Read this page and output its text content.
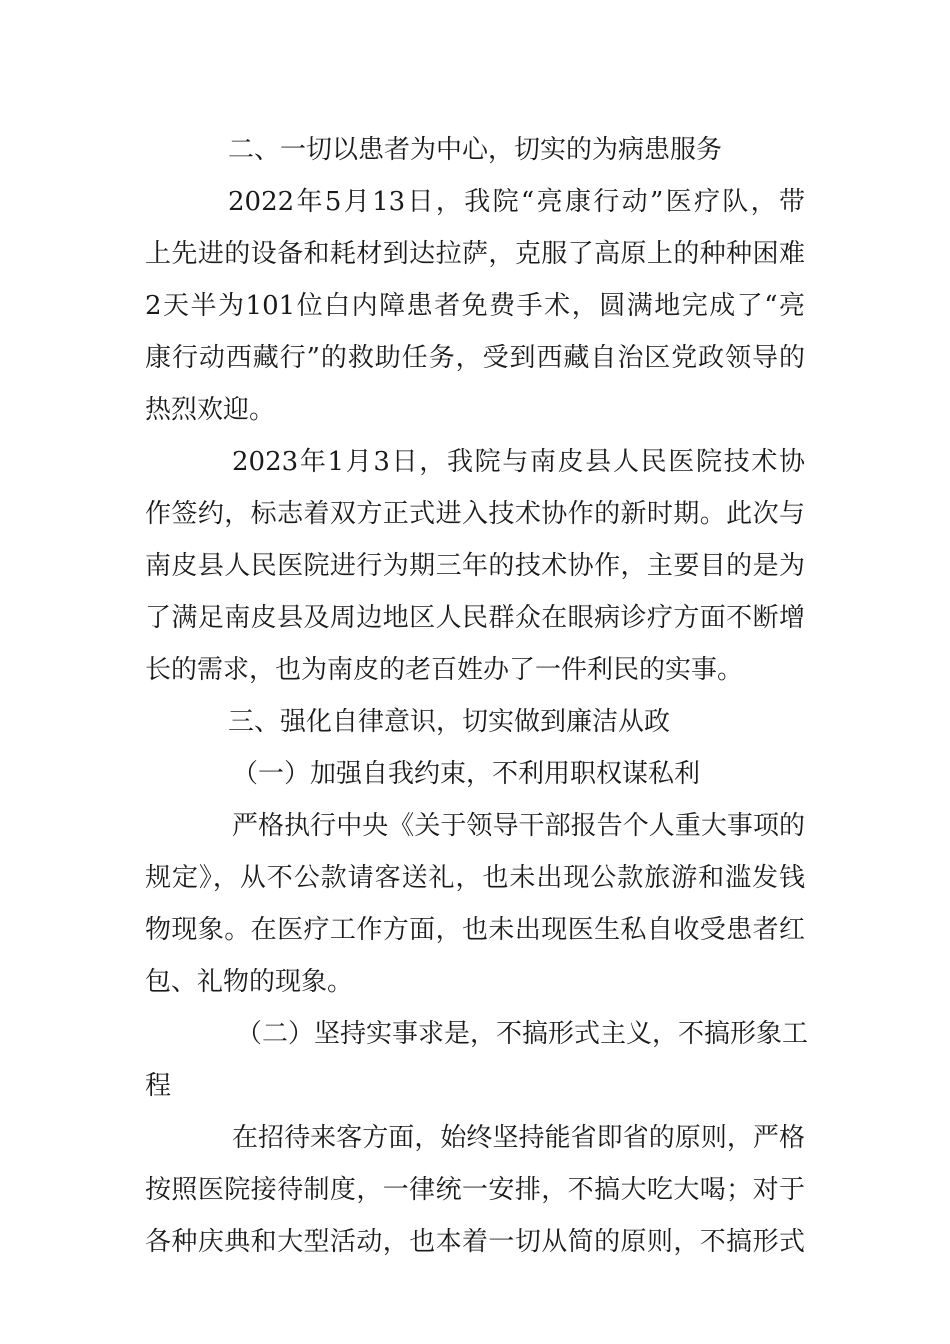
二、一切以患者为中心，切实的为病患服务
2022年5月13日，我院“亮康行动”医疗队，带
上先进的设备和耗材到达拉萨，克服了高原上的种种困难
2天半为101位白内障患者免费手术，圆满地完成了“亮
康行动西藏行”的救助任务，受到西藏自治区党政领导的
热烈欢迎。
2023年1月3日，我院与南皮县人民医院技术协
作签约，标志着双方正式进入技术协作的新时期。此次与
南皮县人民医院进行为期三年的技术协作，主要目的是为
了满足南皮县及周边地区人民群众在眼病诊疗方面不断增
长的需求，也为南皮的老百姓办了一件利民的实事。
三、强化自律意识，切实做到廉洁从政
（一）加强自我约束，不利用职权谋私利
严格执行中央《关于领导干部报告个人重大事项的
规定》，从不公款请客送礼，也未出现公款旅游和滥发钱
物现象。在医疗工作方面，也未出现医生私自收受患者红
包、礼物的现象。
（二）坚持实事求是，不搞形式主义，不搞形象工
程
在招待来客方面，始终坚持能省即省的原则，严格
按照医院接待制度，一律统一安排，不搞大吃大喝；对于
各种庆典和大型活动，也本着一切从简的原则，不搞形式
